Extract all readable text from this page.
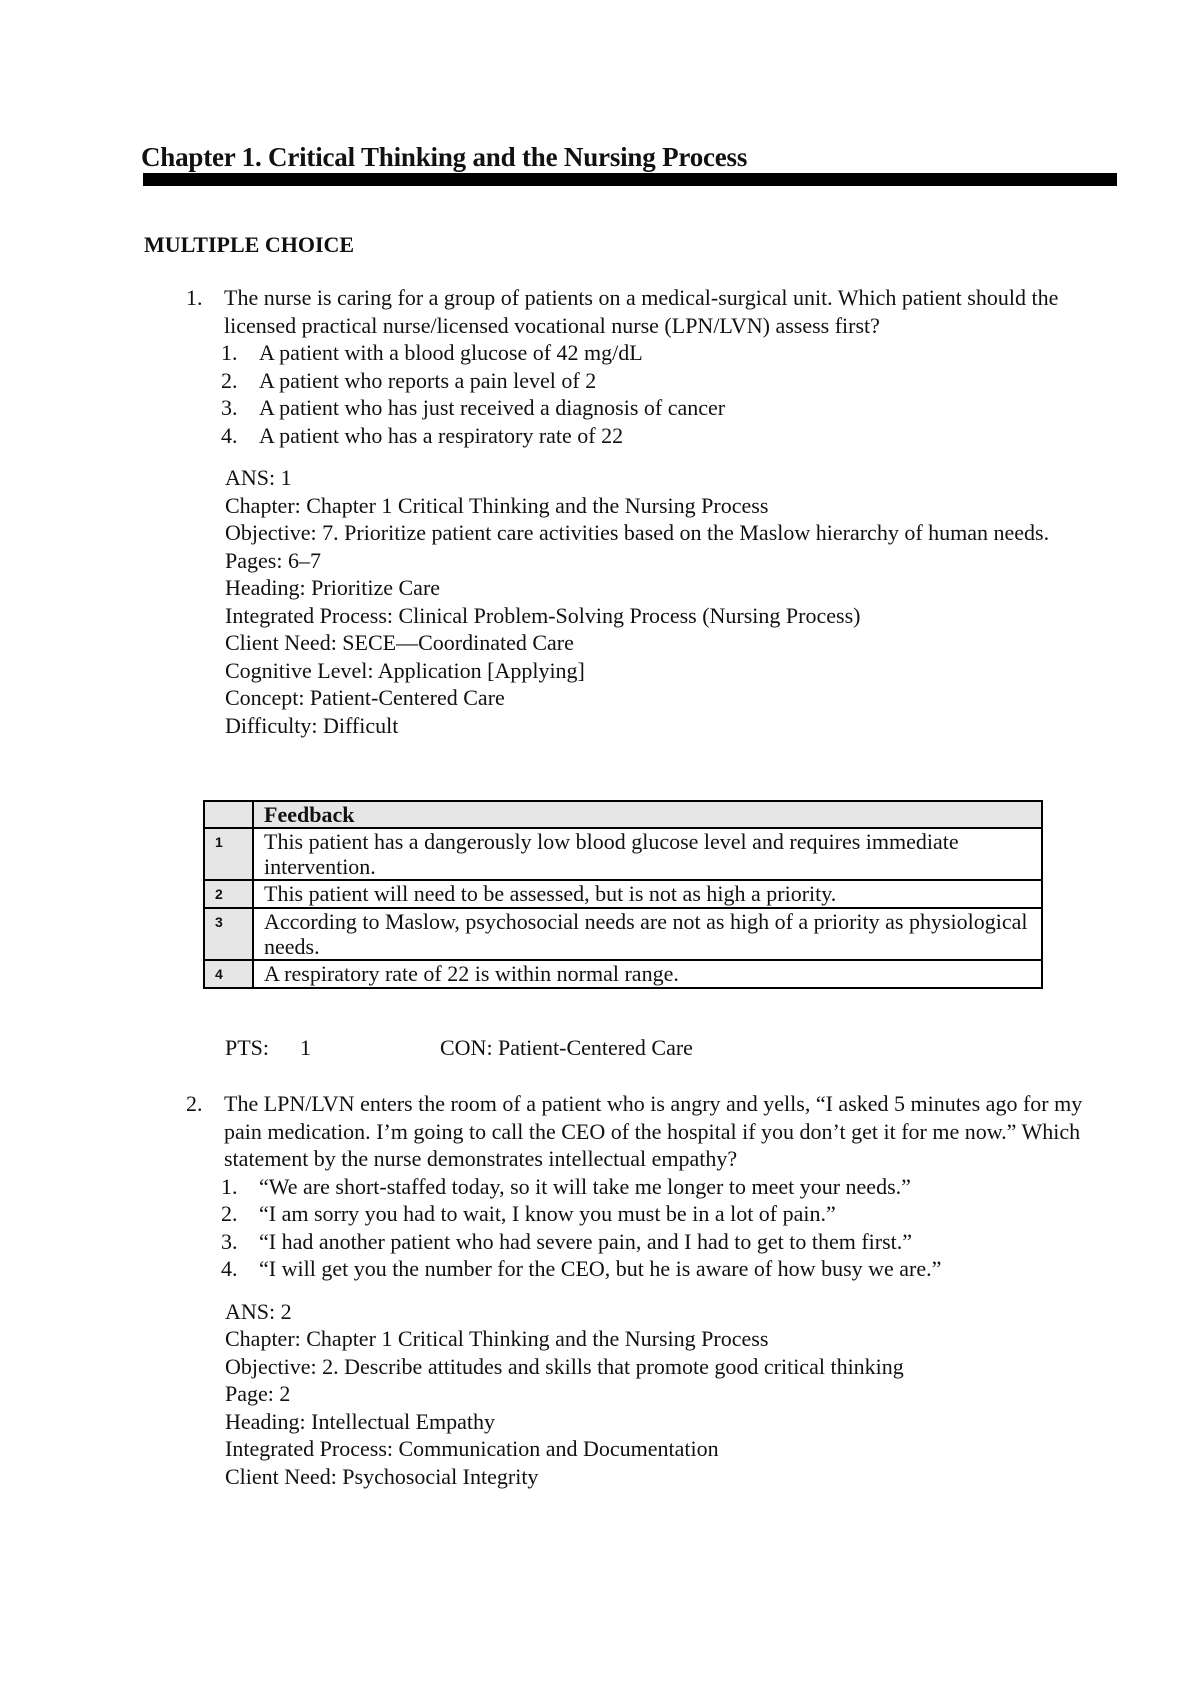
Chapter 1. Critical Thinking and the Nursing Process
MULTIPLE CHOICE
1. The nurse is caring for a group of patients on a medical-surgical unit. Which patient should the licensed practical nurse/licensed vocational nurse (LPN/LVN) assess first?
1. A patient with a blood glucose of 42 mg/dL
2. A patient who reports a pain level of 2
3. A patient who has just received a diagnosis of cancer
4. A patient who has a respiratory rate of 22
ANS: 1
Chapter: Chapter 1 Critical Thinking and the Nursing Process
Objective: 7. Prioritize patient care activities based on the Maslow hierarchy of human needs.
Pages: 6–7
Heading: Prioritize Care
Integrated Process: Clinical Problem-Solving Process (Nursing Process)
Client Need: SECE—Coordinated Care
Cognitive Level: Application [Applying]
Concept: Patient-Centered Care
Difficulty: Difficult
	Feedback
1	This patient has a dangerously low blood glucose level and requires immediate intervention.
2	This patient will need to be assessed, but is not as high a priority.
3	According to Maslow, psychosocial needs are not as high of a priority as physiological needs.
4	A respiratory rate of 22 is within normal range.
PTS: 1	CON: Patient-Centered Care
2. The LPN/LVN enters the room of a patient who is angry and yells, “I asked 5 minutes ago for my pain medication. I’m going to call the CEO of the hospital if you don’t get it for me now.” Which statement by the nurse demonstrates intellectual empathy?
1. “We are short-staffed today, so it will take me longer to meet your needs.”
2. “I am sorry you had to wait, I know you must be in a lot of pain.”
3. “I had another patient who had severe pain, and I had to get to them first.”
4. “I will get you the number for the CEO, but he is aware of how busy we are.”
ANS: 2
Chapter: Chapter 1 Critical Thinking and the Nursing Process
Objective: 2. Describe attitudes and skills that promote good critical thinking
Page: 2
Heading: Intellectual Empathy
Integrated Process: Communication and Documentation
Client Need: Psychosocial Integrity
